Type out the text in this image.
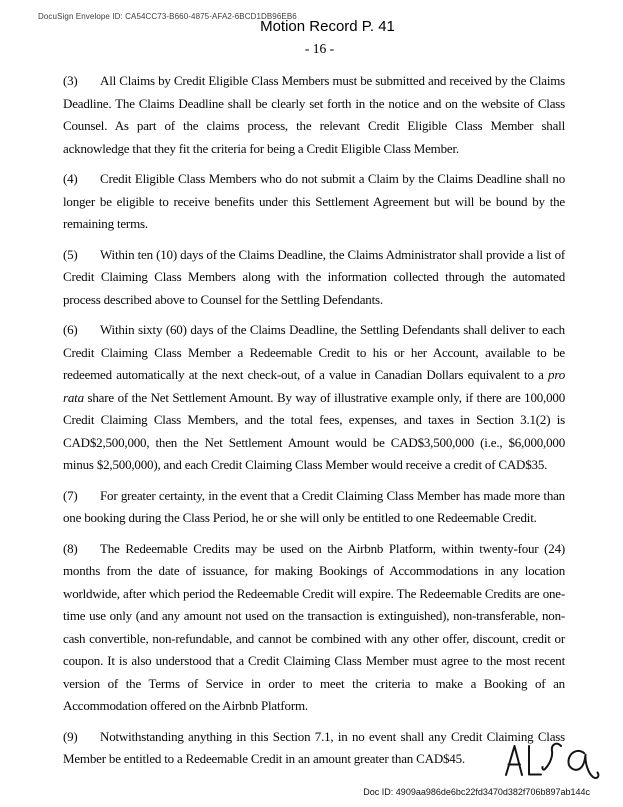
DocuSign Envelope ID: CA54CC73-B660-4875-AFA2-6BCD1DB96EB6
Motion Record P. 41
- 16 -

(3) All Claims by Credit Eligible Class Members must be submitted and received by the Claims Deadline. The Claims Deadline shall be clearly set forth in the notice and on the website of Class Counsel. As part of the claims process, the relevant Credit Eligible Class Member shall acknowledge that they fit the criteria for being a Credit Eligible Class Member.

(4) Credit Eligible Class Members who do not submit a Claim by the Claims Deadline shall no longer be eligible to receive benefits under this Settlement Agreement but will be bound by the remaining terms.

(5) Within ten (10) days of the Claims Deadline, the Claims Administrator shall provide a list of Credit Claiming Class Members along with the information collected through the automated process described above to Counsel for the Settling Defendants.

(6) Within sixty (60) days of the Claims Deadline, the Settling Defendants shall deliver to each Credit Claiming Class Member a Redeemable Credit to his or her Account, available to be redeemed automatically at the next check-out, of a value in Canadian Dollars equivalent to a pro rata share of the Net Settlement Amount. By way of illustrative example only, if there are 100,000 Credit Claiming Class Members, and the total fees, expenses, and taxes in Section 3.1(2) is CAD$2,500,000, then the Net Settlement Amount would be CAD$3,500,000 (i.e., $6,000,000 minus $2,500,000), and each Credit Claiming Class Member would receive a credit of CAD$35.

(7) For greater certainty, in the event that a Credit Claiming Class Member has made more than one booking during the Class Period, he or she will only be entitled to one Redeemable Credit.

(8) The Redeemable Credits may be used on the Airbnb Platform, within twenty-four (24) months from the date of issuance, for making Bookings of Accommodations in any location worldwide, after which period the Redeemable Credit will expire. The Redeemable Credits are one-time use only (and any amount not used on the transaction is extinguished), non-transferable, non-cash convertible, non-refundable, and cannot be combined with any other offer, discount, credit or coupon. It is also understood that a Credit Claiming Class Member must agree to the most recent version of the Terms of Service in order to meet the criteria to make a Booking of an Accommodation offered on the Airbnb Platform.

(9) Notwithstanding anything in this Section 7.1, in no event shall any Credit Claiming Class Member be entitled to a Redeemable Credit in an amount greater than CAD$45.

Doc ID: 4909aa986de6bc22fd3470d382f706b897ab144c
